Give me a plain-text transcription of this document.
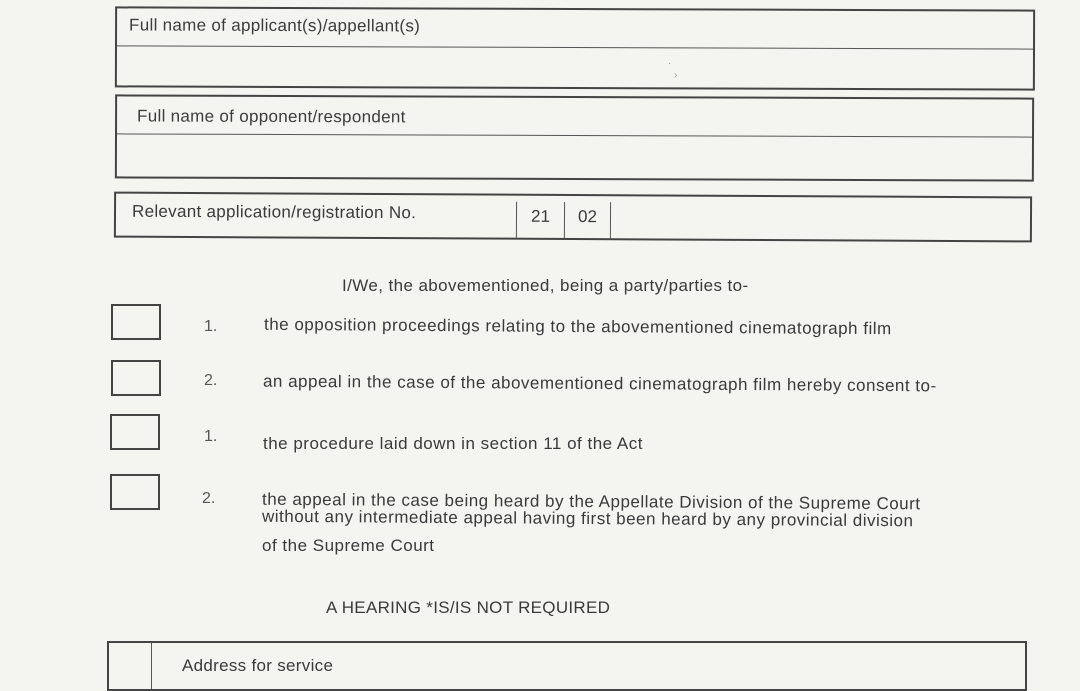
Full name of applicant(s)/appellant(s)
Full name of opponent/respondent
Relevant application/registration No.	21	02
I/We, the abovementioned, being a party/parties to-
1.	the opposition proceedings relating to the abovementioned cinematograph film
2.	an appeal in the case of the abovementioned cinematograph film hereby consent to-
1.	the procedure laid down in section 11 of the Act
2.	the appeal in the case being heard by the Appellate Division of the Supreme Court
without any intermediate appeal having first been heard by any provincial division
of the Supreme Court
A HEARING *IS/IS NOT REQUIRED
Address for service
·
›
